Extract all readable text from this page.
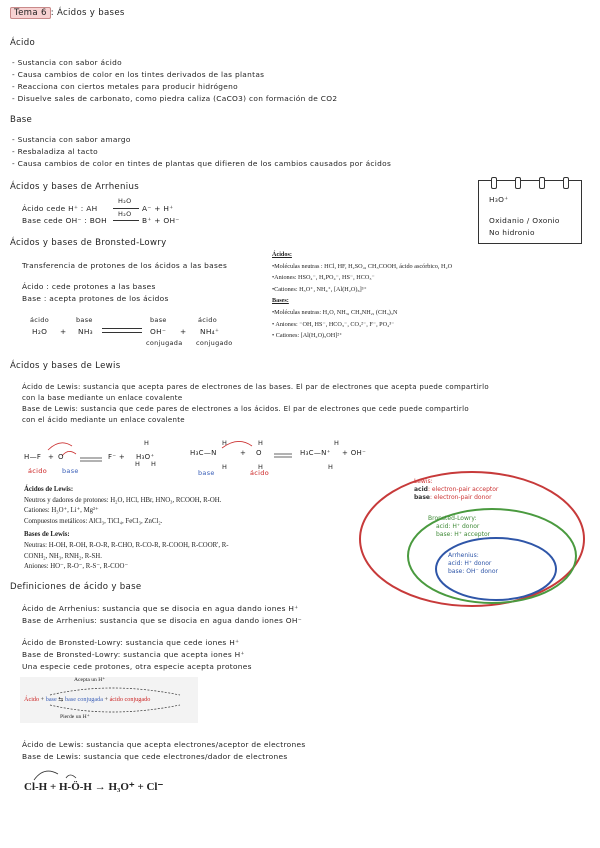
Tema 6 : Ácidos y bases
Ácido
- Sustancia con sabor ácido
- Causa cambios de color en los tintes derivados de las plantas
- Reacciona con ciertos metales para producir hidrógeno
- Disuelve sales de carbonato, como piedra caliza (CaCO3) con formación de CO2
Base
- Sustancia con sabor amargo
- Resbaladiza al tacto
- Causa cambios de color en tintes de plantas que difieren de los cambios causados por ácidos
Ácidos y bases de Arrhenius
Ácido cede H⁺ : AH
H₂O
A⁻ + H⁺
Base cede OH⁻ : BOH
H₂O
B⁺ + OH⁻
H₃O⁺
Oxidanio / Oxonio
No hidronio
Ácidos y bases de Bronsted-Lowry
Transferencia de protones de los ácidos a las bases
Ácido : cede protones a las bases
Base : acepta protones de los ácidos
ácido	base	base	ácido
H₂O + NH₃	OH⁻ + NH₄⁺
conjugada conjugado
Ácidos:
•Moléculas neutras : HCl, HF, H₂SO₄, CH₃COOH, ácido ascórbico, H₂O
•Aniones: HSO₄⁻, H₂PO₄⁻, HS⁻, HCO₃⁻
•Cationes: H₃O⁺, NH₄⁺, [Al(H₂O)₆]³⁺
Bases:
•Moléculas neutras: H₂O, NH₃, CH₃NH₂, (CH₃)₃N
• Aniones: ⁻OH, HS⁻, HCO₃⁻, CO₃²⁻, F⁻, PO₄³⁻
• Cationes: [Al(H₂O)₅OH]²⁺
Ácidos y bases de Lewis
Ácido de Lewis: sustancia que acepta pares de electrones de las bases. El par de electrones que acepta puede compartirlo
con la base mediante un enlace covalente
Base de Lewis: sustancia que cede pares de electrones a los ácidos. El par de electrones que cede puede compartirlo
con el ácido mediante un enlace covalente
H
H H
H—F + O	F⁻ + H₃O⁺
ácido base
H
H
H
H
H
H
H₃C—N	+ O	H₃C—N⁺ + OH⁻
base	ácido
Ácidos de Lewis:
Neutros y dadores de protones: H₂O, HCl, HBr, HNO₃, RCOOH, R-OH.
Cationes: H₃O⁺, Li⁺, Mg²⁺
Compuestos metálicos: AlCl₃, TiCl₄, FeCl₃, ZnCl₂.
Bases de Lewis:
Neutras: H-OH, R-OH, R-O-R, R-CHO, R-CO-R, R-COOH, R-COOR', R-
CONH₂, NH₃, RNH₂, R-SH.
Aniones: HO⁻, R-O⁻, R-S⁻, R-COO⁻
Lewis:
acid: electron-pair acceptor
base: electron-pair donor
Bronsted-Lowry:
acid: H⁺ donor
base: H⁺ acceptor
Arrhenius:
acid: H⁺ donor
base: OH⁻ donor
Definiciones de ácido y base
Ácido de Arrhenius: sustancia que se disocia en agua dando iones H⁺
Base de Arrhenius: sustancia que se disocia en agua dando iones OH⁻
Ácido de Bronsted-Lowry: sustancia que cede iones H⁺
Base de Bronsted-Lowry: sustancia que acepta iones H⁺
Una especie cede protones, otra especie acepta protones
Acepta un H⁺
Ácido + base ⇆ base conjugada + ácido conjugado
Pierde un H⁺
Ácido de Lewis: sustancia que acepta electrones/aceptor de electrones
Base de Lewis: sustancia que cede electrones/dador de electrones
Cl-H + H-Ö-H → H₃O⁺ + Cl⁻
